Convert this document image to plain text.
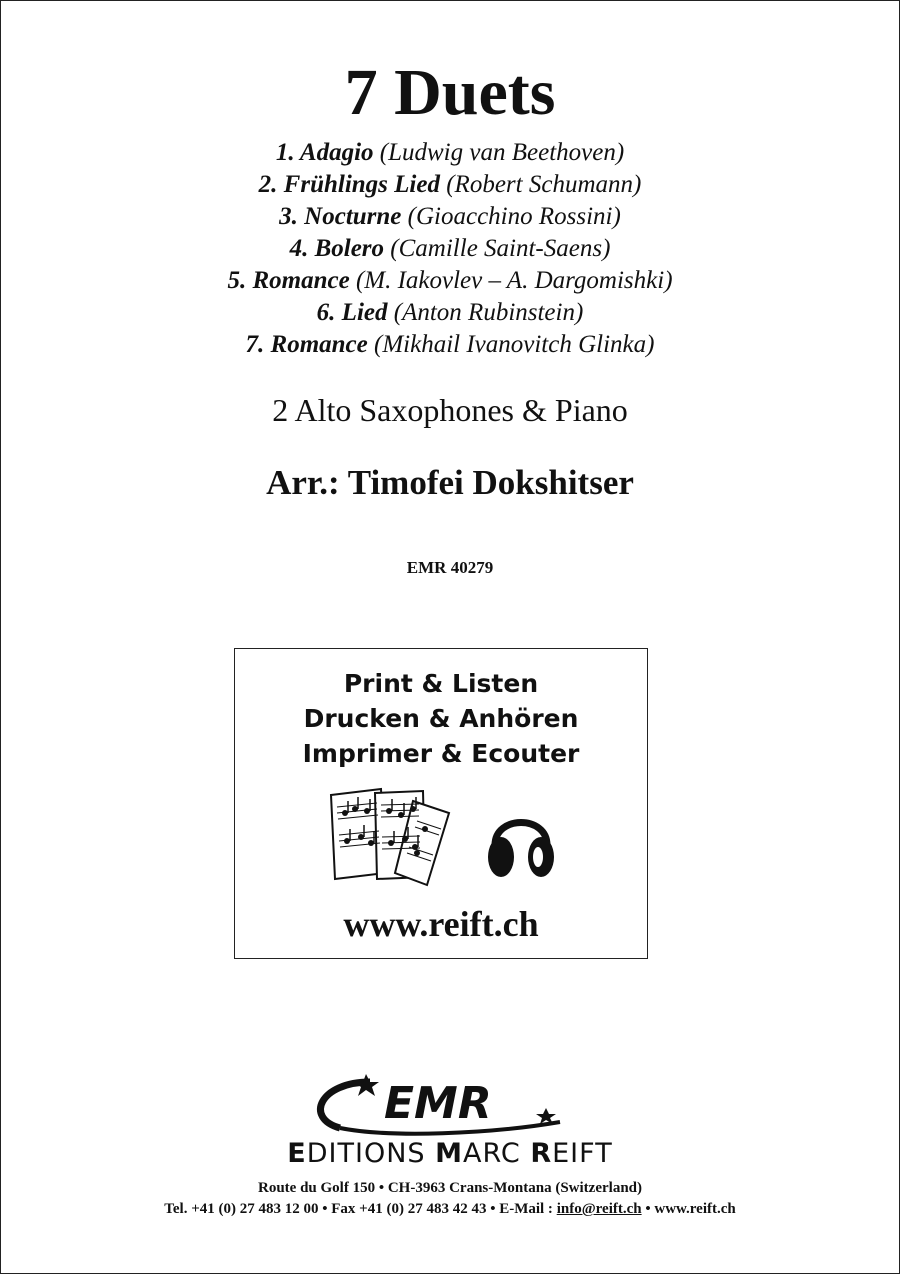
7 Duets
1. Adagio (Ludwig van Beethoven)
2. Frühlings Lied (Robert Schumann)
3. Nocturne (Gioacchino Rossini)
4. Bolero (Camille Saint-Saens)
5. Romance (M. Iakovlev – A. Dargomishki)
6. Lied (Anton Rubinstein)
7. Romance (Mikhail Ivanovitch Glinka)
2 Alto Saxophones & Piano
Arr.: Timofei Dokshitser
EMR 40279
Print & Listen
Drucken & Anhören
Imprimer & Ecouter
www.reift.ch
EMR
EDITIONS MARC REIFT
Route du Golf 150 • CH-3963 Crans-Montana (Switzerland)
Tel. +41 (0) 27 483 12 00 • Fax +41 (0) 27 483 42 43 • E-Mail : info@reift.ch • www.reift.ch
